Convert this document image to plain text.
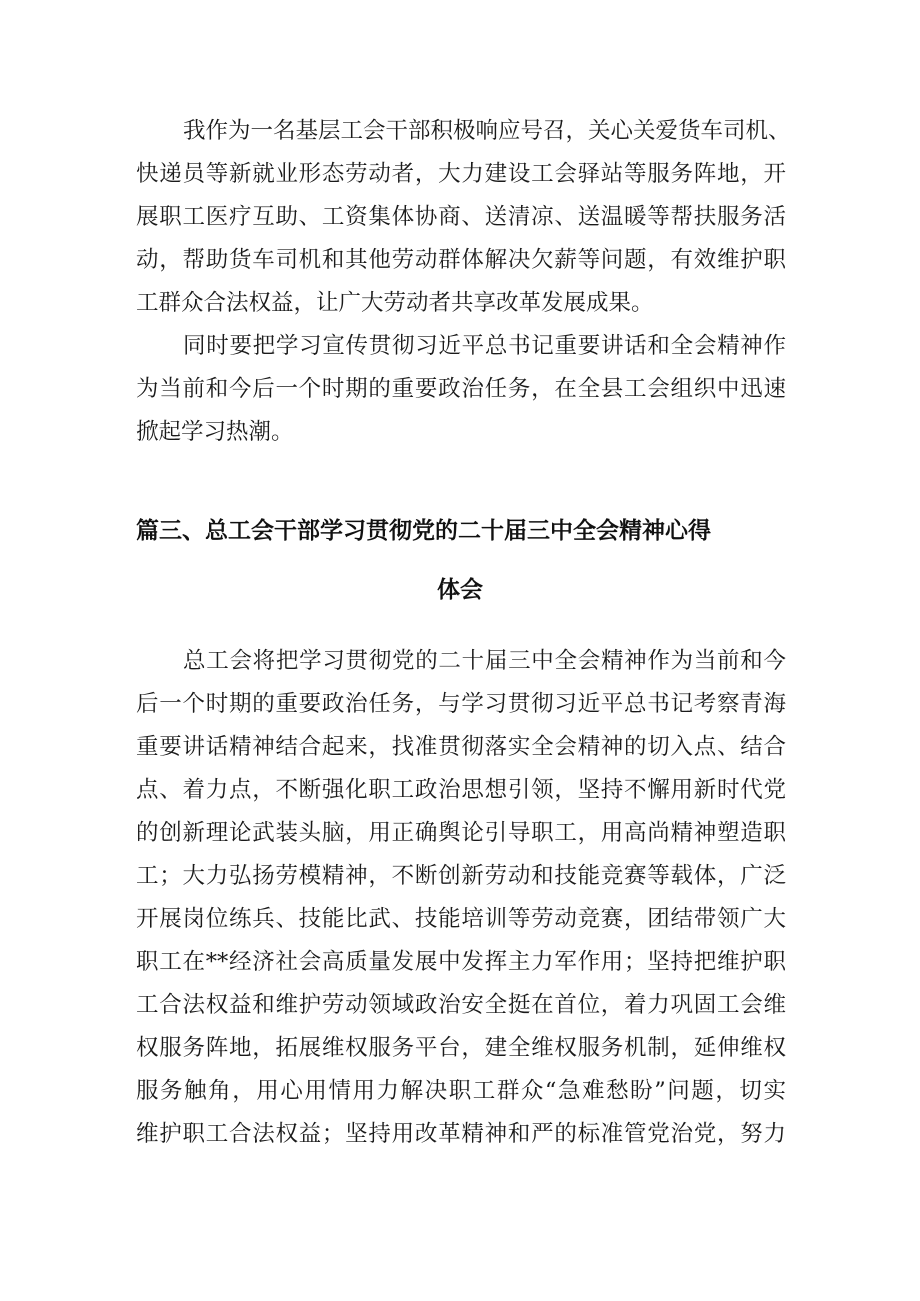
我作为一名基层工会干部积极响应号召，关心关爱货车司机、

快递员等新就业形态劳动者，大力建设工会驿站等服务阵地，开

展职工医疗互助、工资集体协商、送清凉、送温暖等帮扶服务活

动，帮助货车司机和其他劳动群体解决欠薪等问题，有效维护职

工群众合法权益，让广大劳动者共享改革发展成果。

同时要把学习宣传贯彻习近平总书记重要讲话和全会精神作

为当前和今后一个时期的重要政治任务，在全县工会组织中迅速

掀起学习热潮。

篇三、总工会干部学习贯彻党的二十届三中全会精神心得
体会

总工会将把学习贯彻党的二十届三中全会精神作为当前和今

后一个时期的重要政治任务，与学习贯彻习近平总书记考察青海

重要讲话精神结合起来，找准贯彻落实全会精神的切入点、结合

点、着力点，不断强化职工政治思想引领，坚持不懈用新时代党

的创新理论武装头脑，用正确舆论引导职工，用高尚精神塑造职

工；大力弘扬劳模精神，不断创新劳动和技能竞赛等载体，广泛

开展岗位练兵、技能比武、技能培训等劳动竞赛，团结带领广大

职工在**经济社会高质量发展中发挥主力军作用；坚持把维护职

工合法权益和维护劳动领域政治安全挺在首位，着力巩固工会维

权服务阵地，拓展维权服务平台，建全维权服务机制，延伸维权

服务触角，用心用情用力解决职工群众“急难愁盼”问题，切实

维护职工合法权益；坚持用改革精神和严的标准管党治党，努力
